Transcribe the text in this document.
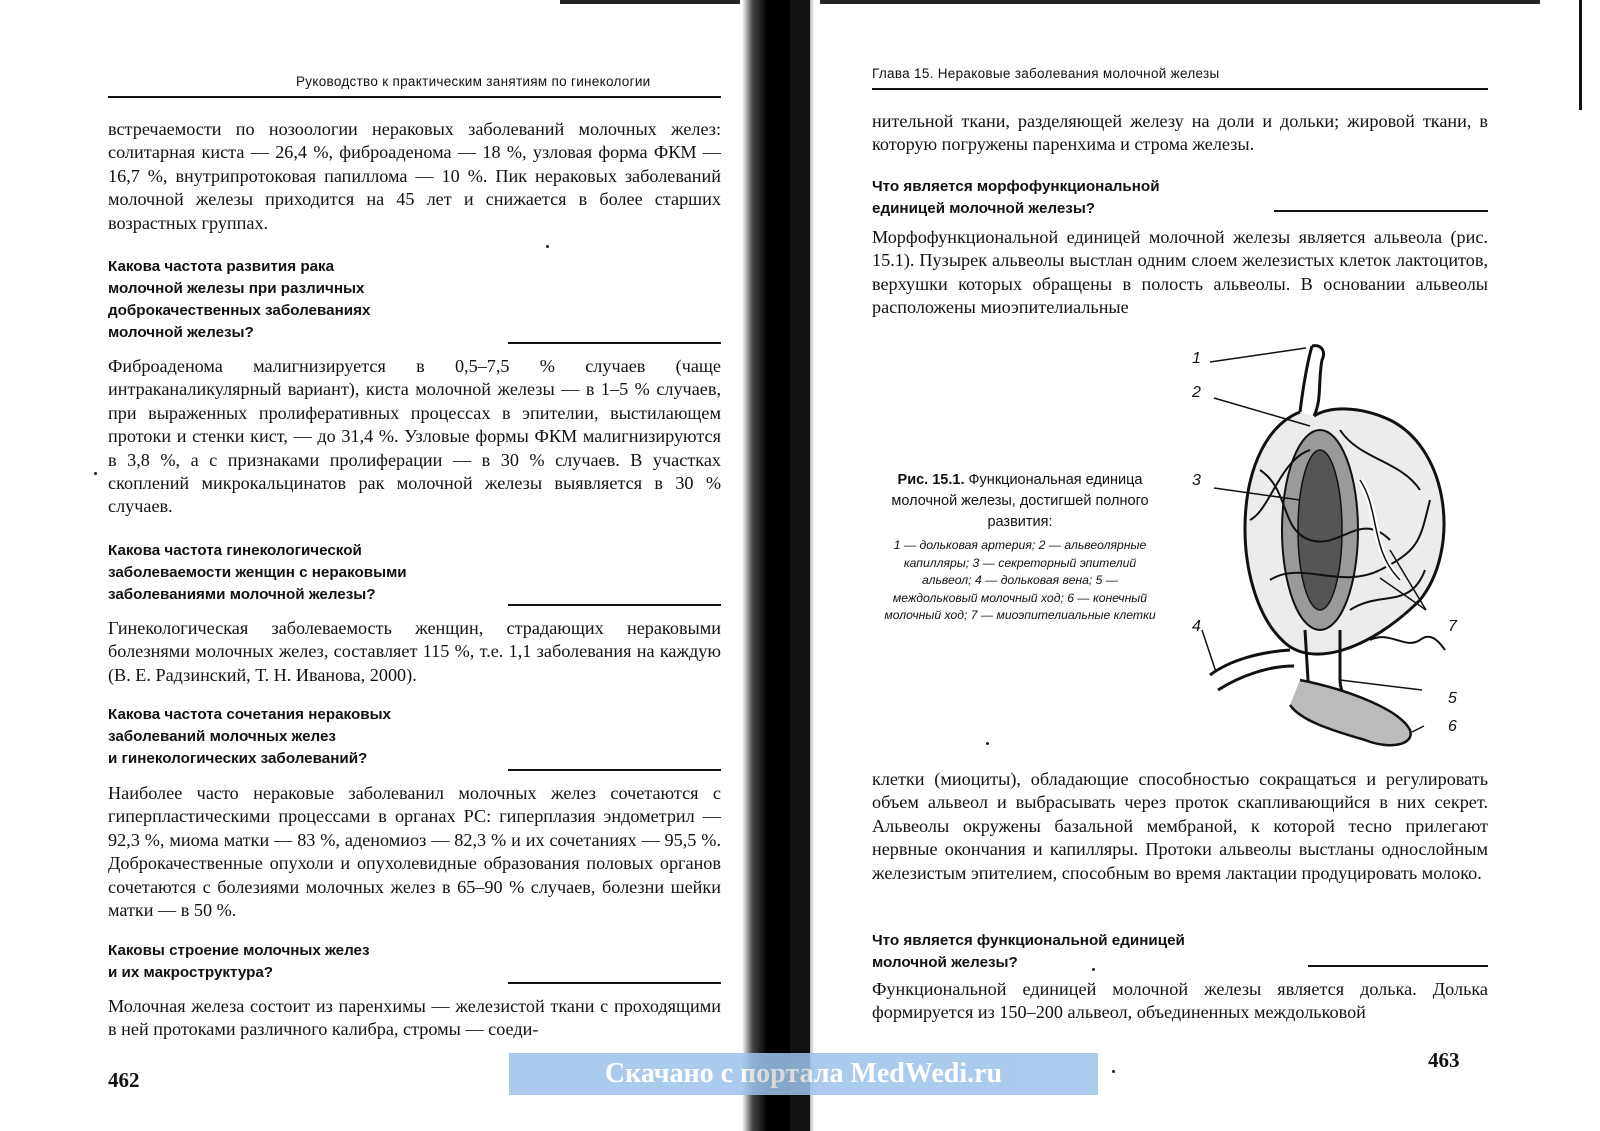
Руководство к практическим занятиям по гинекологии

встречаемости по нозоологии нераковых заболеваний молочных желез: солитарная киста — 26,4 %, фиброаденома — 18 %, узловая форма ФКМ — 16,7 %, внутрипротоковая папиллома — 10 %. Пик нераковых заболеваний молочной железы приходится на 45 лет и снижается в более старших возрастных группах.

Какова частота развития рака
молочной железы при различных
доброкачественных заболеваниях
молочной железы?

Фиброаденома малигнизируется в 0,5–7,5 % случаев (чаще интраканаликулярный вариант), киста молочной железы — в 1–5 % случаев, при выраженных пролиферативных процессах в эпителии, выстилающем протоки и стенки кист, — до 31,4 %. Узловые формы ФКМ малигнизируются в 3,8 %, а с признаками пролиферации — в 30 % случаев. В участках скоплений микрокальцинатов рак молочной железы выявляется в 30 % случаев.

Какова частота гинекологической
заболеваемости женщин с нераковыми
заболеваниями молочной железы?

Гинекологическая заболеваемость женщин, страдающих нераковыми болезнями молочных желез, составляет 115 %, т.е. 1,1 заболевания на каждую (В. Е. Радзинский, Т. Н. Иванова, 2000).

Какова частота сочетания нераковых
заболеваний молочных желез
и гинекологических заболеваний?

Наиболее часто нераковые заболеванил молочных желез сочетаются с гиперпластическими процессами в органах РС: гиперплазия эндометрил — 92,3 %, миома матки — 83 %, аденомиоз — 82,3 % и их сочетаниях — 95,5 %. Доброкачественные опухоли и опухолевидные образования половых органов сочетаются с болезиями молочных желез в 65–90 % случаев, болезни шейки матки — в 50 %.

Каковы строение молочных желез
и их макроструктура?

Молочная железа состоит из паренхимы — железистой ткани с проходящими в ней протоками различного калибра, стромы — соеди-

462
Глава 15. Нераковые заболевания молочной железы

нительной ткани, разделяющей железу на доли и дольки; жировой ткани, в которую погружены паренхима и строма железы.

Что является морфофункциональной
единицей молочной железы?

Морфофункциональной единицей молочной железы является альвеола (рис. 15.1). Пузырек альвеолы выстлан одним слоем железистых клеток лактоцитов, верхушки которых обращены в полость альвеолы. В основании альвеолы расположены миоэпителиальные

клетки (миоциты), обладающие способностью сокращаться и регулировать объем альвеол и выбрасывать через проток скапливающийся в них секрет. Альвеолы окружены базальной мембраной, к которой тесно прилегают нервные окончания и капилляры. Протоки альвеолы выстланы однослойным железистым эпителием, способным во время лактации продуцировать молоко.

Что является функциональной единицей
молочной железы?

Функциональной единицей молочной железы является долька. Долька формируется из 150–200 альвеол, объединенных междольковой

463

Рис. 15.1. Функциональная единица молочной железы, достигшей полного развития:

1 — дольковая артерия; 2 — альвеолярные капилляры; 3 — секреторный эпителий альвеол; 4 — дольковая вена; 5 — междольковый молочный ход; 6 — конечный молочный ход; 7 — миоэпителиальные клетки

1
2
3
4
5
6
7
Скачано с портала MedWedi.ru
